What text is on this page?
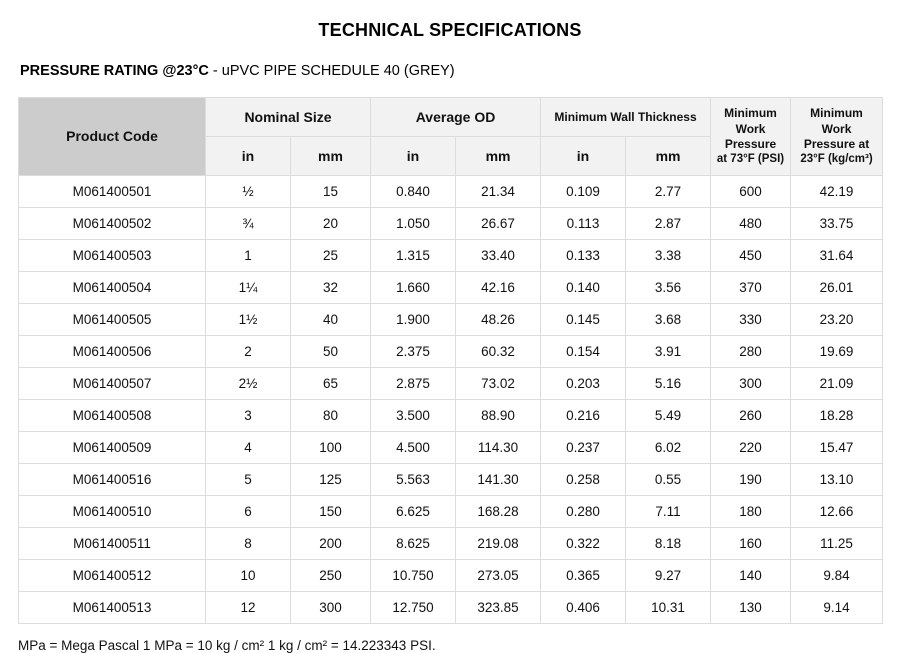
TECHNICAL SPECIFICATIONS

PRESSURE RATING @23°C - uPVC PIPE SCHEDULE 40 (GREY)

Product Code	Nominal Size		Average OD		Minimum Wall Thickness		Minimum
Work
Pressure
at 73°F (PSI)	Minimum
Work
Pressure at
23°F (kg/cm³)
	in	mm	in	mm	in	mm		
M061400501	½	15	0.840	21.34	0.109	2.77	600	42.19
M061400502	¾	20	1.050	26.67	0.113	2.87	480	33.75
M061400503	1	25	1.315	33.40	0.133	3.38	450	31.64
M061400504	1¼	32	1.660	42.16	0.140	3.56	370	26.01
M061400505	1½	40	1.900	48.26	0.145	3.68	330	23.20
M061400506	2	50	2.375	60.32	0.154	3.91	280	19.69
M061400507	2½	65	2.875	73.02	0.203	5.16	300	21.09
M061400508	3	80	3.500	88.90	0.216	5.49	260	18.28
M061400509	4	100	4.500	114.30	0.237	6.02	220	15.47
M061400516	5	125	5.563	141.30	0.258	0.55	190	13.10
M061400510	6	150	6.625	168.28	0.280	7.11	180	12.66
M061400511	8	200	8.625	219.08	0.322	8.18	160	11.25
M061400512	10	250	10.750	273.05	0.365	9.27	140	9.84
M061400513	12	300	12.750	323.85	0.406	10.31	130	9.14
MPa = Mega Pascal 1 MPa = 10 kg / cm² 1 kg / cm² = 14.223343 PSI.
